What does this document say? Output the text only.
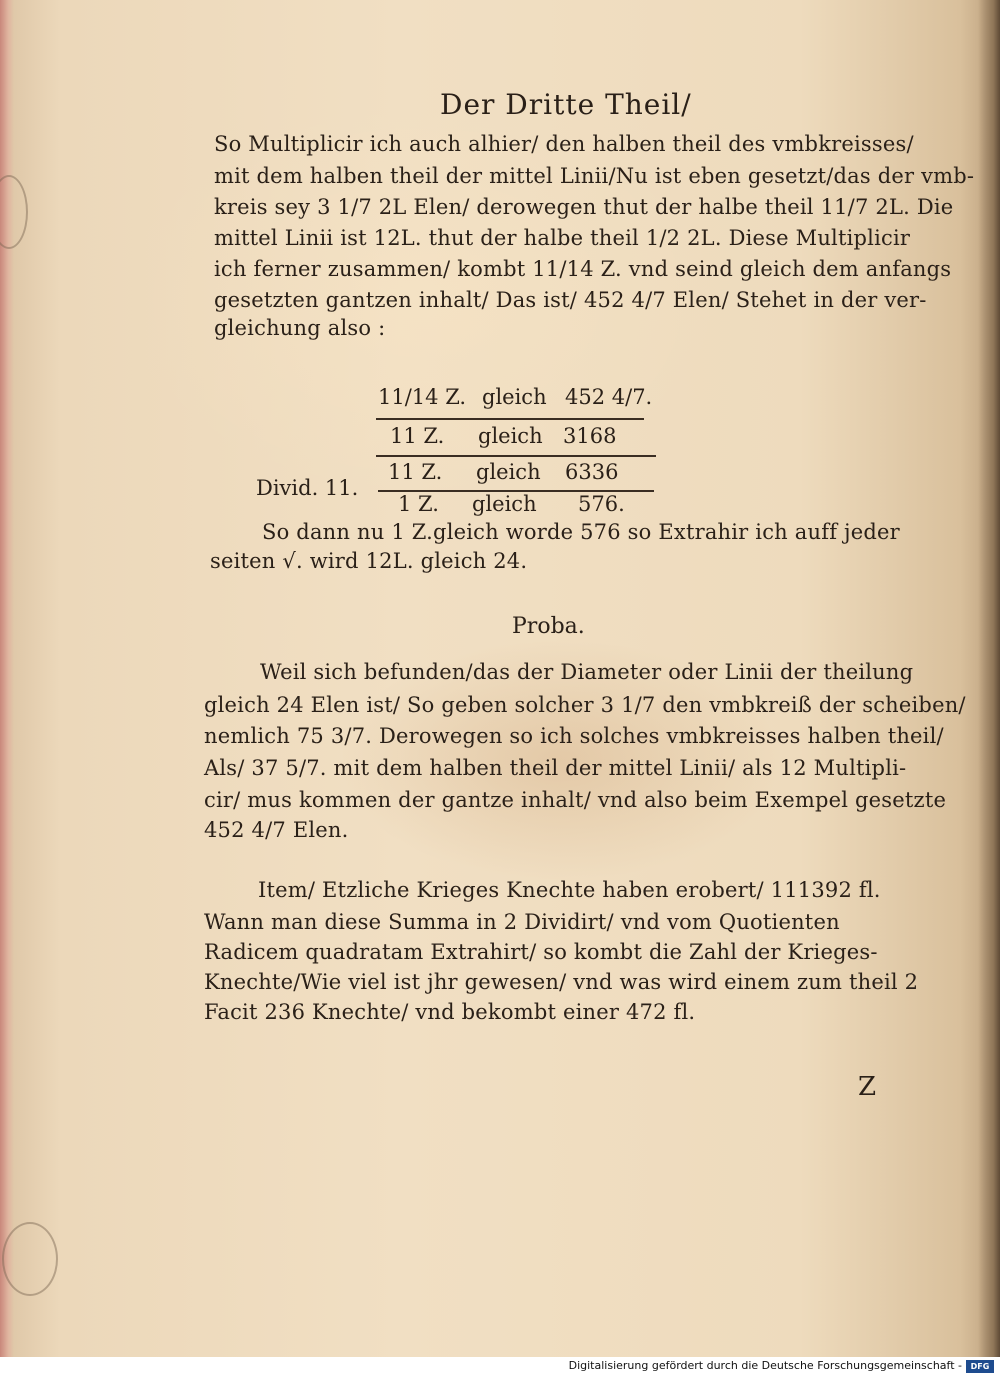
Der Dritte Theil/
So Multiplicir ich auch alhier/ den halben theil des vmbkreisses/
mit dem halben theil der mittel Linii/Nu ist eben gesetzt/das der vmb-
kreis sey 3 1/7 2L Elen/ derowegen thut der halbe theil 11/7 2L. Die
mittel Linii ist 12L. thut der halbe theil 1/2 2L. Diese Multiplicir
ich ferner zusammen/ kombt 11/14 Z. vnd seind gleich dem anfangs
gesetzten gantzen inhalt/ Das ist/ 452 4/7 Elen/ Stehet in der ver-
gleichung also :
11/14 Z. gleich 452 4/7.
11 Z. gleich 3168
Divid. 11.
11 Z. gleich 6336
1 Z. gleich 576.
So dann nu 1 Z.gleich worde 576 so Extrahir ich auff jeder
seiten √. wird 12L. gleich 24.
Proba.
Weil sich befunden/das der Diameter oder Linii der theilung
gleich 24 Elen ist/ So geben solcher 3 1/7 den vmbkreiß der scheiben/
nemlich 75 3/7. Derowegen so ich solches vmbkreisses halben theil/
Als/ 37 5/7. mit dem halben theil der mittel Linii/ als 12 Multipli-
cir/ mus kommen der gantze inhalt/ vnd also beim Exempel gesetzte
452 4/7 Elen.
Item/ Etzliche Krieges Knechte haben erobert/ 111392 fl.
Wann man diese Summa in 2 Dividirt/ vnd vom Quotienten
Radicem quadratam Extrahirt/ so kombt die Zahl der Krieges-
Knechte/Wie viel ist jhr gewesen/ vnd was wird einem zum theil 2
Facit 236 Knechte/ vnd bekombt einer 472 fl.
Z
Digitalisierung gefördert durch die Deutsche Forschungsgemeinschaft -	DFG
